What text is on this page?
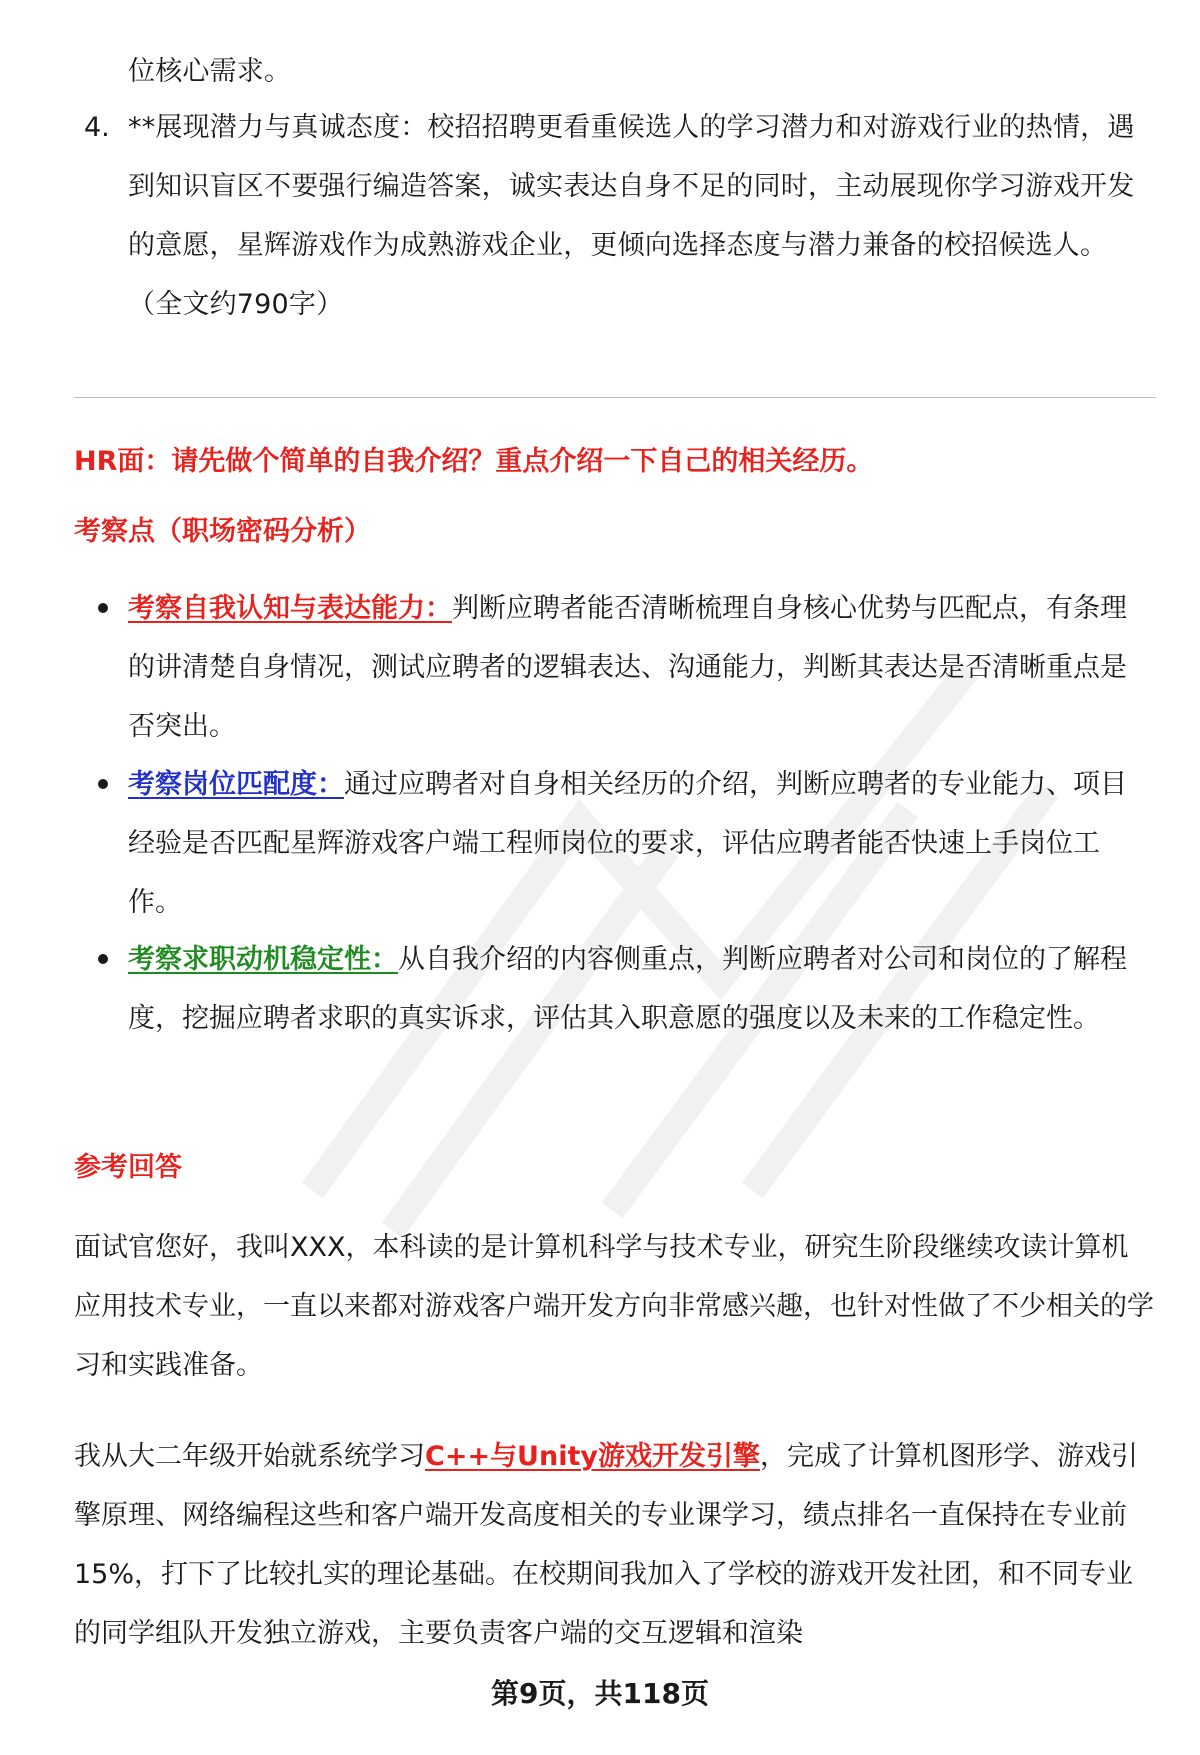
位核心需求。
4. **展现潜力与真诚态度：校招招聘更看重候选人的学习潜力和对游戏行业的热情，遇到知识盲区不要强行编造答案，诚实表达自身不足的同时，主动展现你学习游戏开发的意愿，星辉游戏作为成熟游戏企业，更倾向选择态度与潜力兼备的校招候选人。（全文约790字）
HR面：请先做个简单的自我介绍？重点介绍一下自己的相关经历。
考察点（职场密码分析）
考察自我认知与表达能力：判断应聘者能否清晰梳理自身核心优势与匹配点，有条理的讲清楚自身情况，测试应聘者的逻辑表达、沟通能力，判断其表达是否清晰重点是否突出。
考察岗位匹配度：通过应聘者对自身相关经历的介绍，判断应聘者的专业能力、项目经验是否匹配星辉游戏客户端工程师岗位的要求，评估应聘者能否快速上手岗位工作。
考察求职动机稳定性：从自我介绍的内容侧重点，判断应聘者对公司和岗位的了解程度，挖掘应聘者求职的真实诉求，评估其入职意愿的强度以及未来的工作稳定性。
参考回答
面试官您好，我叫XXX，本科读的是计算机科学与技术专业，研究生阶段继续攻读计算机应用技术专业，一直以来都对游戏客户端开发方向非常感兴趣，也针对性做了不少相关的学习和实践准备。
我从大二年级开始就系统学习C++与Unity游戏开发引擎，完成了计算机图形学、游戏引擎原理、网络编程这些和客户端开发高度相关的专业课学习，绩点排名一直保持在专业前15%，打下了比较扎实的理论基础。在校期间我加入了学校的游戏开发社团，和不同专业的同学组队开发独立游戏，主要负责客户端的交互逻辑和渲染
第9页，共118页
